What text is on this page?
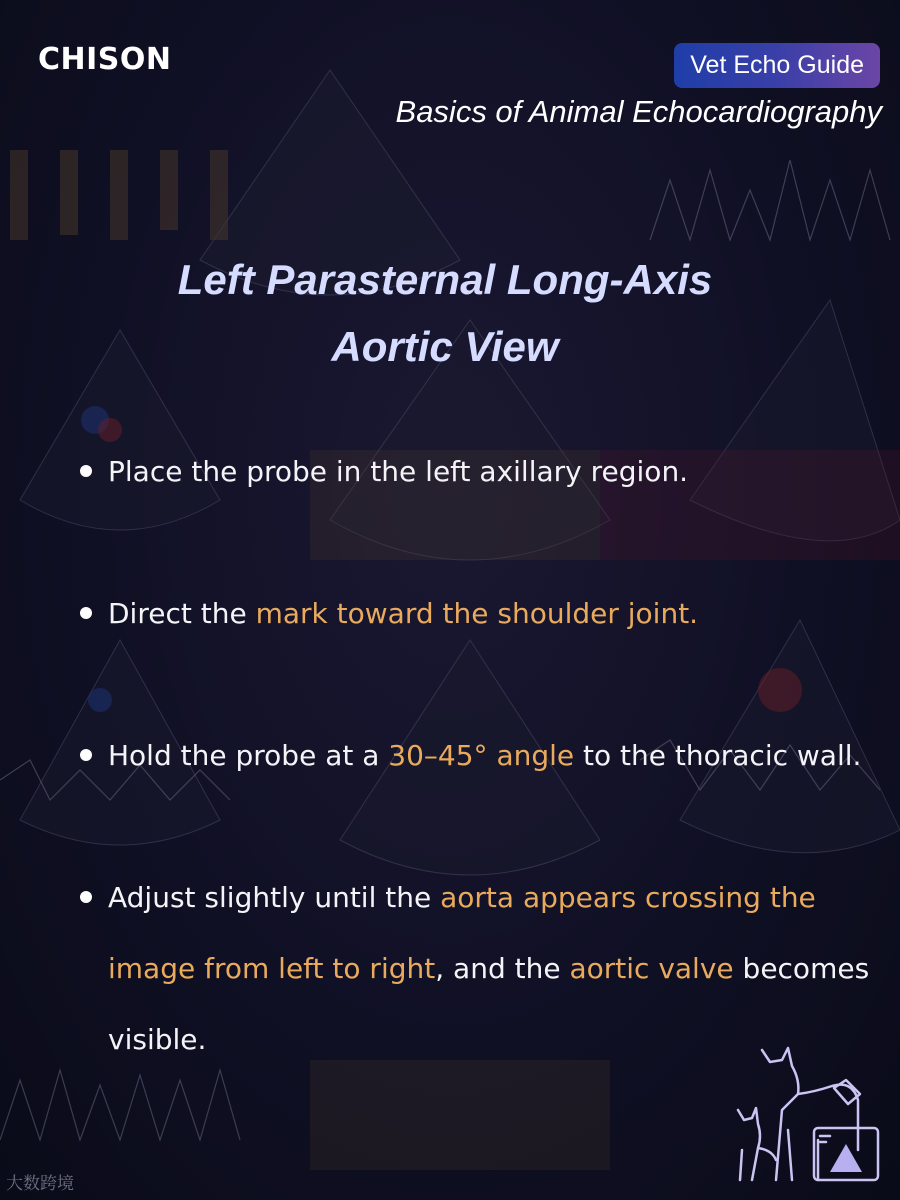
CHISON	Vet Echo Guide
Basics of Animal Echocardiography
Left Parasternal Long-Axis
Aortic View
Place the probe in the left axillary region.
Direct the mark toward the shoulder joint.
Hold the probe at a 30–45° angle to the thoracic wall.
Adjust slightly until the aorta appears crossing the image from left to right, and the aortic valve becomes visible.
大数跨境
